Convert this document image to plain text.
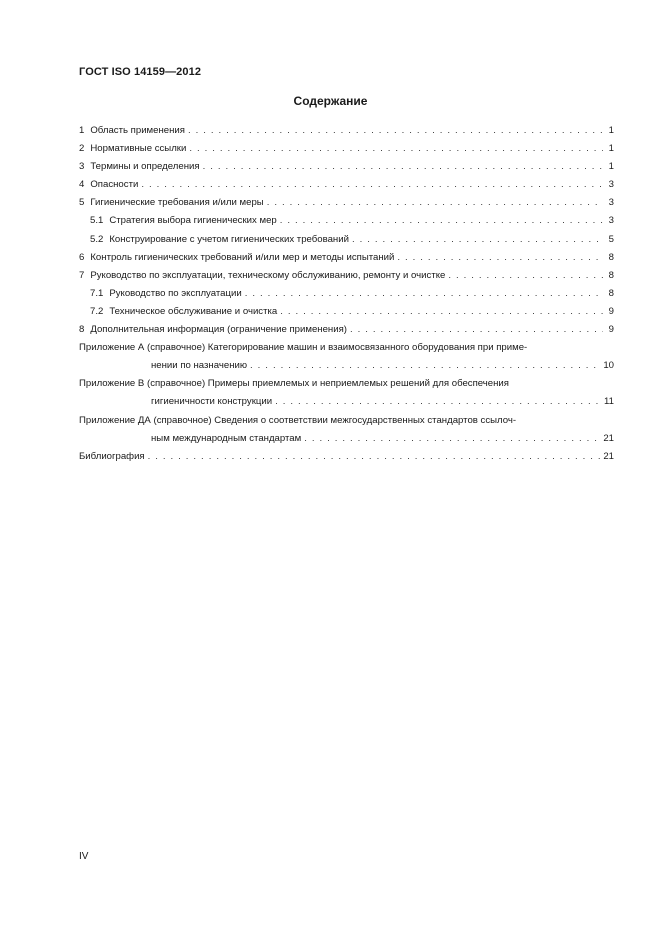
ГОСТ ISO 14159—2012
Содержание
1 Область применения . . .	1
2 Нормативные ссылки . . .	1
3 Термины и определения . . .	1
4 Опасности . . .	3
5 Гигиенические требования и/или меры . . .	3
5.1 Стратегия выбора гигиенических мер . . .	3
5.2 Конструирование с учетом гигиенических требований . . .	5
6 Контроль гигиенических требований и/или мер и методы испытаний . . .	8
7 Руководство по эксплуатации, техническому обслуживанию, ремонту и очистке . . .	8
7.1 Руководство по эксплуатации . . .	8
7.2 Техническое обслуживание и очистка . . .	9
8 Дополнительная информация (ограничение применения) . . .	9
Приложение А (справочное) Категорирование машин и взаимосвязанного оборудования при приме-
нении по назначению . . .	10
Приложение В (справочное) Примеры приемлемых и неприемлемых решений для обеспечения
гигиеничности конструкции . . .	11
Приложение ДА (справочное) Сведения о соответствии межгосударственных стандартов ссылоч-
ным международным стандартам . . .	21
Библиография . . .	21
IV
